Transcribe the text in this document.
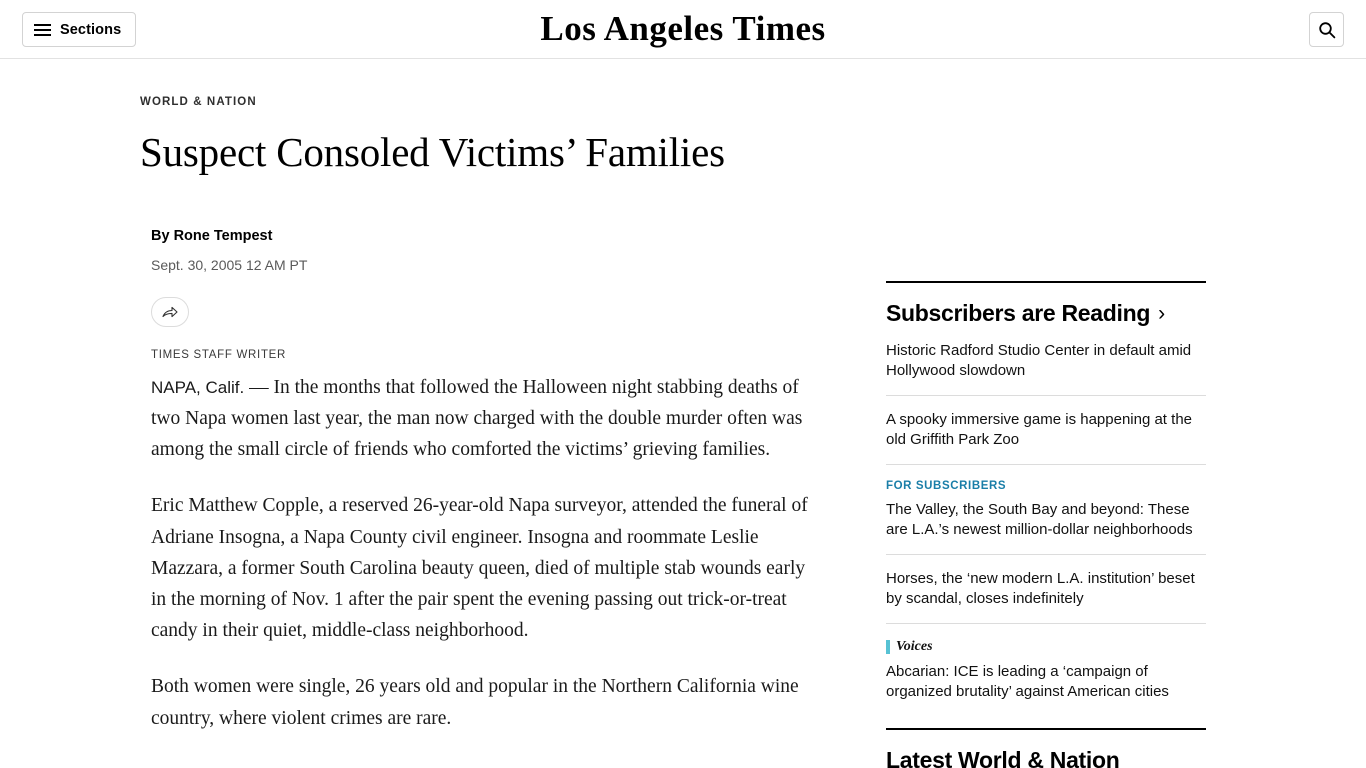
Sections	Los Angeles Times
WORLD & NATION
Suspect Consoled Victims’ Families
By Rone Tempest
Sept. 30, 2005 12 AM PT
TIMES STAFF WRITER

NAPA, Calif. — In the months that followed the Halloween night stabbing deaths of two Napa women last year, the man now charged with the double murder often was among the small circle of friends who comforted the victims’ grieving families.

Eric Matthew Copple, a reserved 26-year-old Napa surveyor, attended the funeral of Adriane Insogna, a Napa County civil engineer. Insogna and roommate Leslie Mazzara, a former South Carolina beauty queen, died of multiple stab wounds early in the morning of Nov. 1 after the pair spent the evening passing out trick-or-treat candy in their quiet, middle-class neighborhood.

Both women were single, 26 years old and popular in the Northern California wine country, where violent crimes are rare.

Subscribers are Reading ›
Historic Radford Studio Center in default amid Hollywood slowdown
A spooky immersive game is happening at the old Griffith Park Zoo
FOR SUBSCRIBERS
The Valley, the South Bay and beyond: These are L.A.’s newest million-dollar neighborhoods
Horses, the ‘new modern L.A. institution’ beset by scandal, closes indefinitely
Voices
Abcarian: ICE is leading a ‘campaign of organized brutality’ against American cities
Latest World & Nation
